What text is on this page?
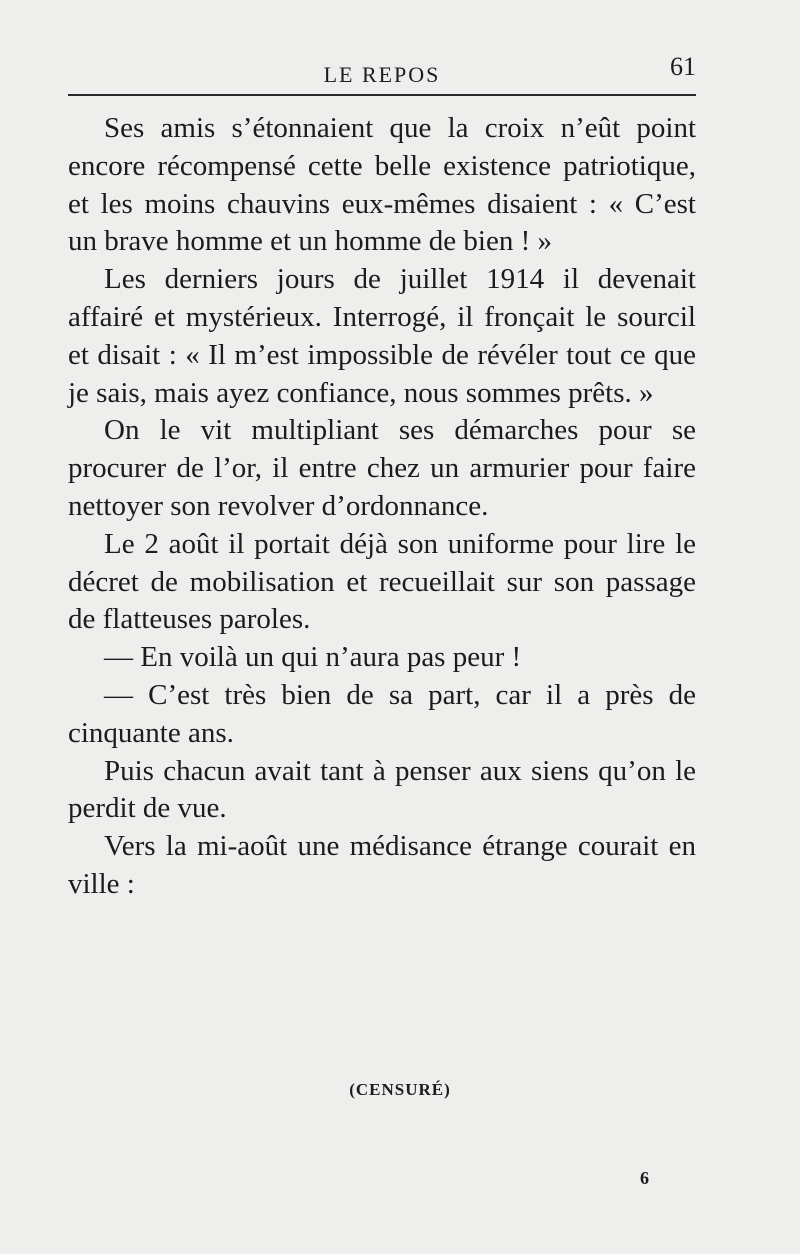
LE REPOS	61

Ses amis s’étonnaient que la croix n’eût point encore récompensé cette belle existence patriotique, et les moins chauvins eux-mêmes disaient : « C’est un brave homme et un homme de bien ! »

Les derniers jours de juillet 1914 il devenait affairé et mystérieux. Interrogé, il fronçait le sourcil et disait : « Il m’est impossible de révéler tout ce que je sais, mais ayez confiance, nous sommes prêts. »

On le vit multipliant ses démarches pour se procurer de l’or, il entre chez un armurier pour faire nettoyer son revolver d’ordonnance.

Le 2 août il portait déjà son uniforme pour lire le décret de mobilisation et recueillait sur son passage de flatteuses paroles.

— En voilà un qui n’aura pas peur !

— C’est très bien de sa part, car il a près de cinquante ans.

Puis chacun avait tant à penser aux siens qu’on le perdit de vue.

Vers la mi-août une médisance étrange courait en ville :

(CENSURÉ)
6
